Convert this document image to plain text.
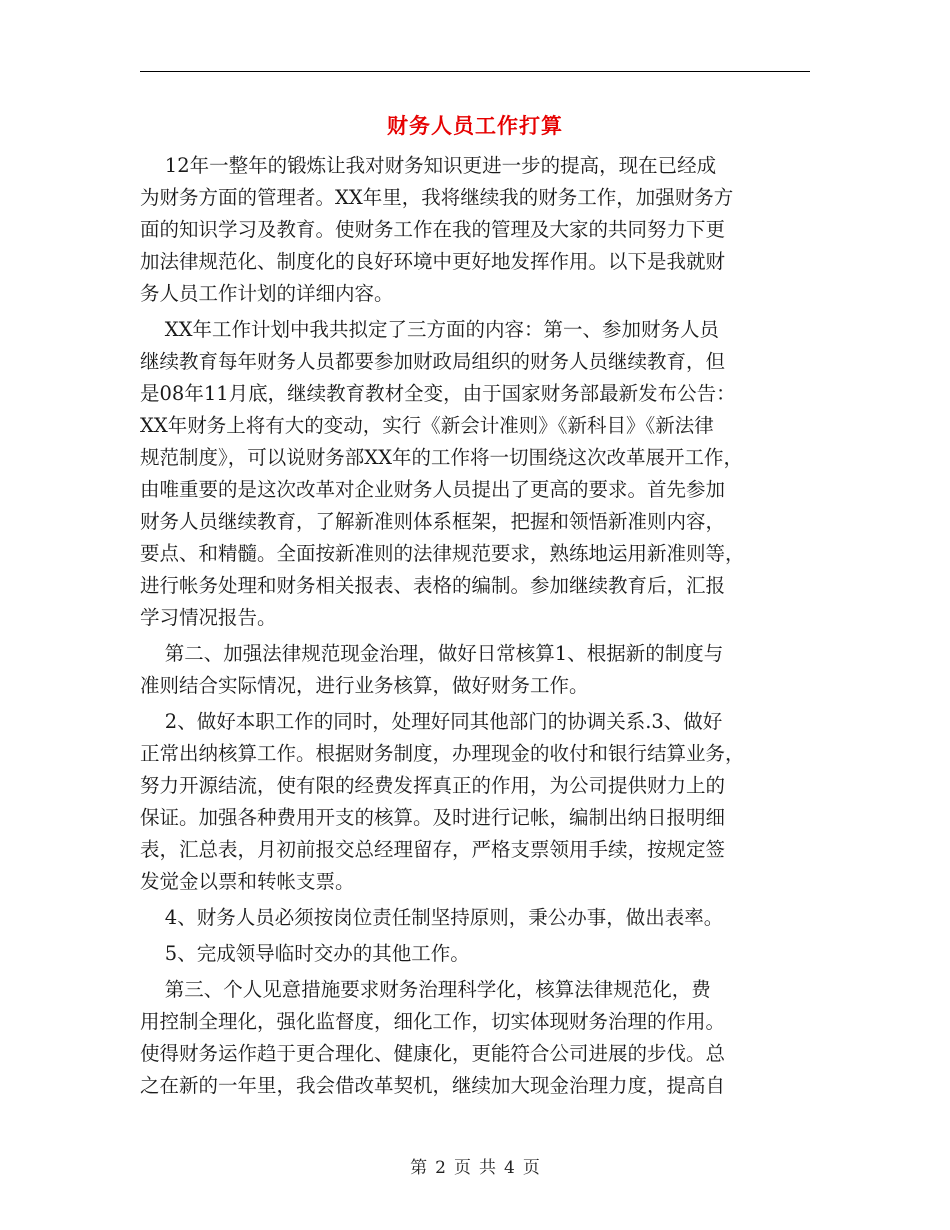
财务人员工作打算
12年一整年的锻炼让我对财务知识更进一步的提高，现在已经成
为财务方面的管理者。XX年里，我将继续我的财务工作，加强财务方
面的知识学习及教育。使财务工作在我的管理及大家的共同努力下更
加法律规范化、制度化的良好环境中更好地发挥作用。以下是我就财
务人员工作计划的详细内容。
XX年工作计划中我共拟定了三方面的内容：第一、参加财务人员
继续教育每年财务人员都要参加财政局组织的财务人员继续教育，但
是08年11月底，继续教育教材全变，由于国家财务部最新发布公告：
XX年财务上将有大的变动，实行《新会计准则》《新科目》《新法律
规范制度》，可以说财务部XX年的工作将一切围绕这次改革展开工作，
由唯重要的是这次改革对企业财务人员提出了更高的要求。首先参加
财务人员继续教育，了解新准则体系框架，把握和领悟新准则内容，
要点、和精髓。全面按新准则的法律规范要求，熟练地运用新准则等，
进行帐务处理和财务相关报表、表格的编制。参加继续教育后，汇报
学习情况报告。
第二、加强法律规范现金治理，做好日常核算1、根据新的制度与
准则结合实际情况，进行业务核算，做好财务工作。
2、做好本职工作的同时，处理好同其他部门的协调关系.3、做好
正常出纳核算工作。根据财务制度，办理现金的收付和银行结算业务，
努力开源结流，使有限的经费发挥真正的作用，为公司提供财力上的
保证。加强各种费用开支的核算。及时进行记帐，编制出纳日报明细
表，汇总表，月初前报交总经理留存，严格支票领用手续，按规定签
发觉金以票和转帐支票。
4、财务人员必须按岗位责任制坚持原则，秉公办事，做出表率。
5、完成领导临时交办的其他工作。
第三、个人见意措施要求财务治理科学化，核算法律规范化，费
用控制全理化，强化监督度，细化工作，切实体现财务治理的作用。
使得财务运作趋于更合理化、健康化，更能符合公司进展的步伐。总
之在新的一年里，我会借改革契机，继续加大现金治理力度，提高自
第 2 页 共 4 页
